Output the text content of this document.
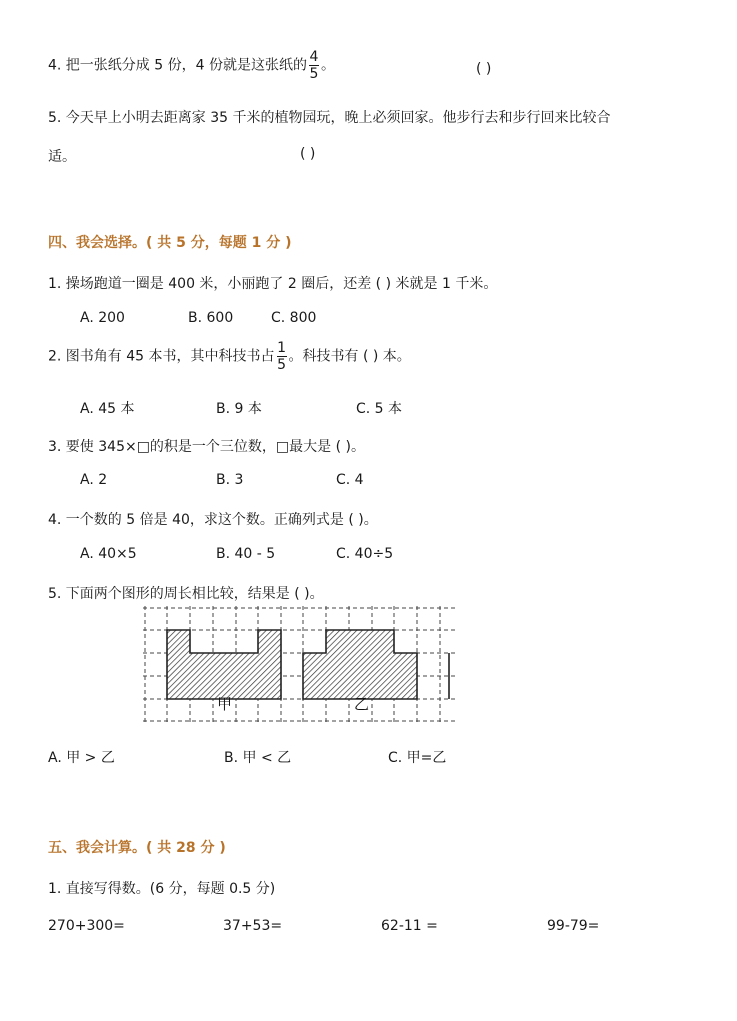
4. 把一张纸分成 5 份，4 份就是这张纸的 $\frac{4}{5}$ 。	( )
5. 今天早上小明去距离家 35 千米的植物园玩，晚上必须回家。他步行去和步行回来比较合
适。	( )
四、我会选择。( 共 5 分，每题 1 分 )
1. 操场跑道一圈是 400 米，小丽跑了 2 圈后，还差 ( ) 米就是 1 千米。
A. 200	B. 600	C. 800
2. 图书角有 45 本书，其中科技书占 $\frac{1}{5}$ 。科技书有 ( ) 本。
A. 45 本	B. 9 本	C. 5 本
3. 要使 345×□的积是一个三位数，□最大是 ( )。
A. 2	B. 3	C. 4
4. 一个数的 5 倍是 40，求这个数。正确列式是 ( )。
A. 40×5	B. 40 - 5	C. 40÷5
5. 下面两个图形的周长相比较，结果是 ( )。
甲	乙
A. 甲 > 乙	B. 甲 < 乙	C. 甲=乙
五、我会计算。( 共 28 分 )
1. 直接写得数。(6 分，每题 0.5 分)
270+300=	37+53=	62-11 =	99-79=
